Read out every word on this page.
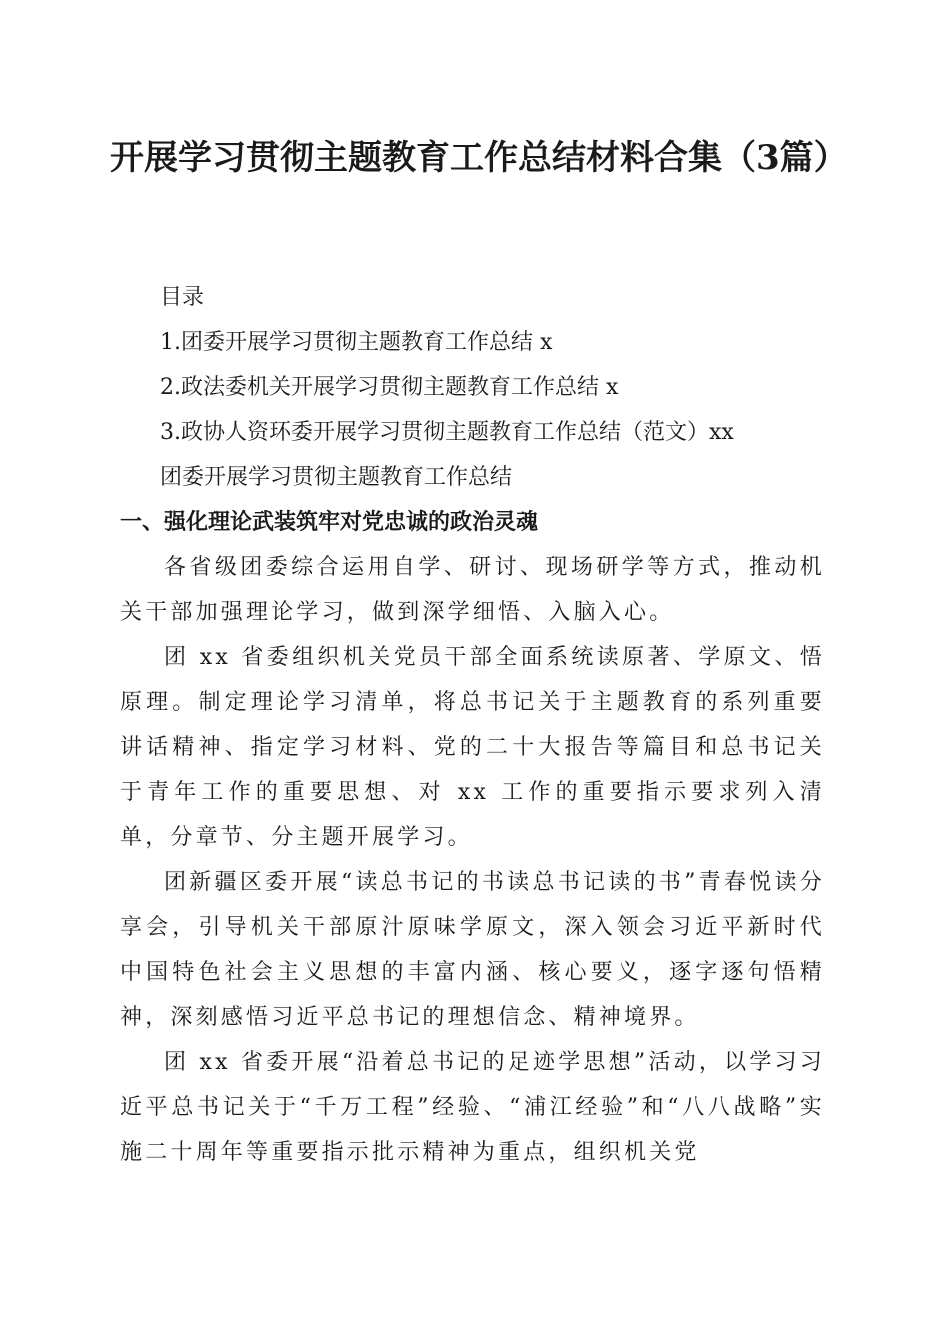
开展学习贯彻主题教育工作总结材料合集（3篇）

目录

1.团委开展学习贯彻主题教育工作总结 x

2.政法委机关开展学习贯彻主题教育工作总结 x

3.政协人资环委开展学习贯彻主题教育工作总结（范文）xx

团委开展学习贯彻主题教育工作总结

一、强化理论武装筑牢对党忠诚的政治灵魂

各省级团委综合运用自学、研讨、现场研学等方式，推动机关干部加强理论学习，做到深学细悟、入脑入心。

团 xx 省委组织机关党员干部全面系统读原著、学原文、悟原理。制定理论学习清单，将总书记关于主题教育的系列重要讲话精神、指定学习材料、党的二十大报告等篇目和总书记关于青年工作的重要思想、对 xx 工作的重要指示要求列入清单，分章节、分主题开展学习。

团新疆区委开展“读总书记的书读总书记读的书”青春悦读分享会，引导机关干部原汁原味学原文，深入领会习近平新时代中国特色社会主义思想的丰富内涵、核心要义，逐字逐句悟精神，深刻感悟习近平总书记的理想信念、精神境界。

团 xx 省委开展“沿着总书记的足迹学思想”活动，以学习习近平总书记关于“千万工程”经验、“浦江经验”和“八八战略”实施二十周年等重要指示批示精神为重点，组织机关党
